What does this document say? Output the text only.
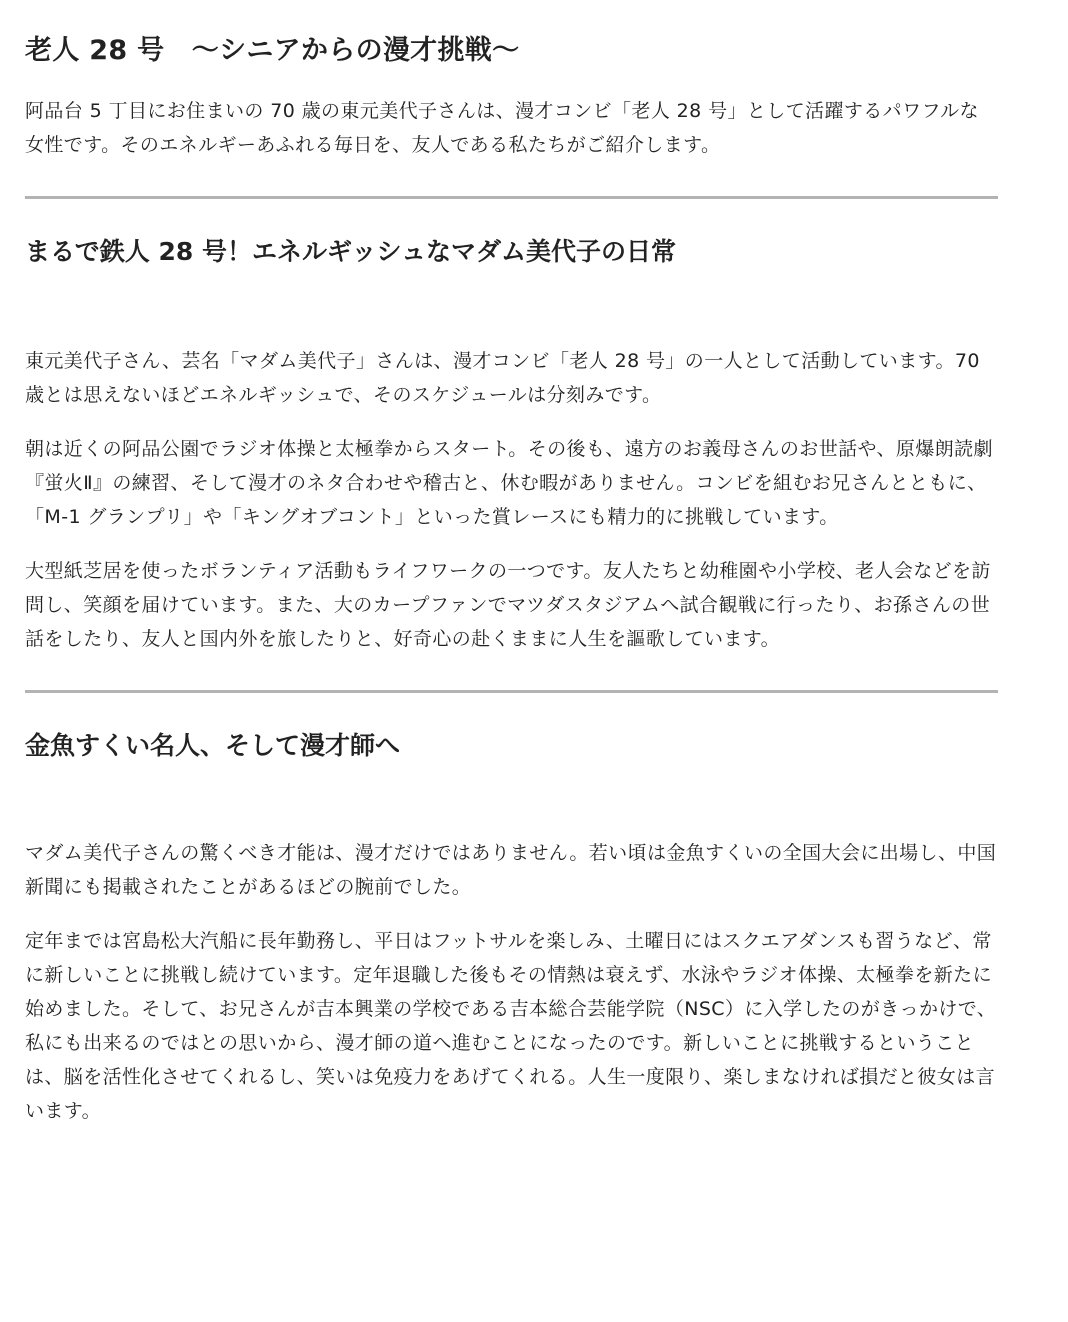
老人 28 号　～シニアからの漫才挑戦～

阿品台 5 丁目にお住まいの 70 歳の東元美代子さんは、漫才コンビ「老人 28 号」として活躍するパワフルな女性です。そのエネルギーあふれる毎日を、友人である私たちがご紹介します。

まるで鉄人 28 号！エネルギッシュなマダム美代子の日常

東元美代子さん、芸名「マダム美代子」さんは、漫才コンビ「老人 28 号」の一人として活動しています。70 歳とは思えないほどエネルギッシュで、そのスケジュールは分刻みです。

朝は近くの阿品公園でラジオ体操と太極拳からスタート。その後も、遠方のお義母さんのお世話や、原爆朗読劇『蛍火Ⅱ』の練習、そして漫才のネタ合わせや稽古と、休む暇がありません。コンビを組むお兄さんとともに、「M-1 グランプリ」や「キングオブコント」といった賞レースにも精力的に挑戦しています。

大型紙芝居を使ったボランティア活動もライフワークの一つです。友人たちと幼稚園や小学校、老人会などを訪問し、笑顔を届けています。また、大のカープファンでマツダスタジアムへ試合観戦に行ったり、お孫さんの世話をしたり、友人と国内外を旅したりと、好奇心の赴くままに人生を謳歌しています。

金魚すくい名人、そして漫才師へ

マダム美代子さんの驚くべき才能は、漫才だけではありません。若い頃は金魚すくいの全国大会に出場し、中国新聞にも掲載されたことがあるほどの腕前でした。

定年までは宮島松大汽船に長年勤務し、平日はフットサルを楽しみ、土曜日にはスクエアダンスも習うなど、常に新しいことに挑戦し続けています。定年退職した後もその情熱は衰えず、水泳やラジオ体操、太極拳を新たに始めました。そして、お兄さんが吉本興業の学校である吉本総合芸能学院（NSC）に入学したのがきっかけで、私にも出来るのではとの思いから、漫才師の道へ進むことになったのです。新しいことに挑戦するということは、脳を活性化させてくれるし、笑いは免疫力をあげてくれる。人生一度限り、楽しまなければ損だと彼女は言います。
